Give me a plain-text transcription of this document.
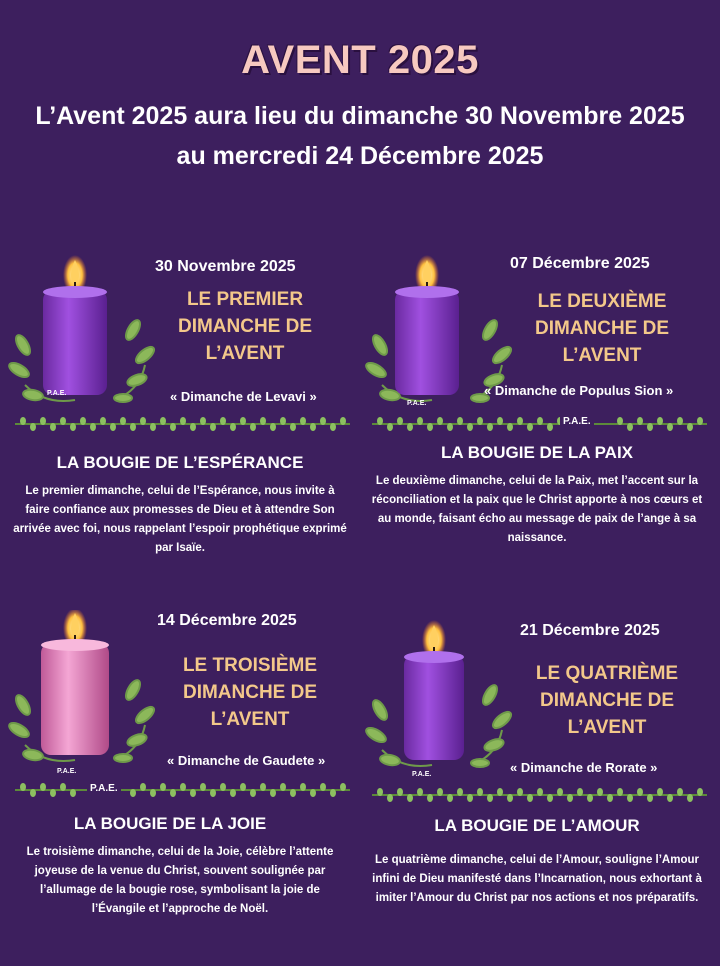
AVENT 2025
L’Avent 2025 aura lieu du dimanche 30 Novembre 2025 au mercredi 24 Décembre 2025
P.A.E.
30 Novembre 2025
LE PREMIER DIMANCHE DE L’AVENT
« Dimanche de Levavi »
LA BOUGIE DE L’ESPÉRANCE
Le premier dimanche, celui de l’Espérance, nous invite à faire confiance aux promesses de Dieu et à attendre Son arrivée avec foi, nous rappelant l’espoir prophétique exprimé par Isaïe.
P.A.E.
07 Décembre 2025
LE DEUXIÈME DIMANCHE DE L’AVENT
« Dimanche de Populus Sion »
P.A.E.
LA BOUGIE DE LA PAIX
Le deuxième dimanche, celui de la Paix, met l’accent sur la réconciliation et la paix que le Christ apporte à nos cœurs et au monde, faisant écho au message de paix de l’ange à sa naissance.
P.A.E.
14 Décembre 2025
LE TROISIÈME DIMANCHE DE L’AVENT
« Dimanche de Gaudete »
P.A.E.
LA BOUGIE DE LA JOIE
Le troisième dimanche, celui de la Joie, célèbre l’attente joyeuse de la venue du Christ, souvent soulignée par l’allumage de la bougie rose, symbolisant la joie de l’Évangile et l’approche de Noël.
P.A.E.
21 Décembre 2025
LE QUATRIÈME DIMANCHE DE L’AVENT
« Dimanche de Rorate »
LA BOUGIE DE L’AMOUR
Le quatrième dimanche, celui de l’Amour, souligne l’Amour infini de Dieu manifesté dans l’Incarnation, nous exhortant à imiter l’Amour du Christ par nos actions et nos préparatifs.
